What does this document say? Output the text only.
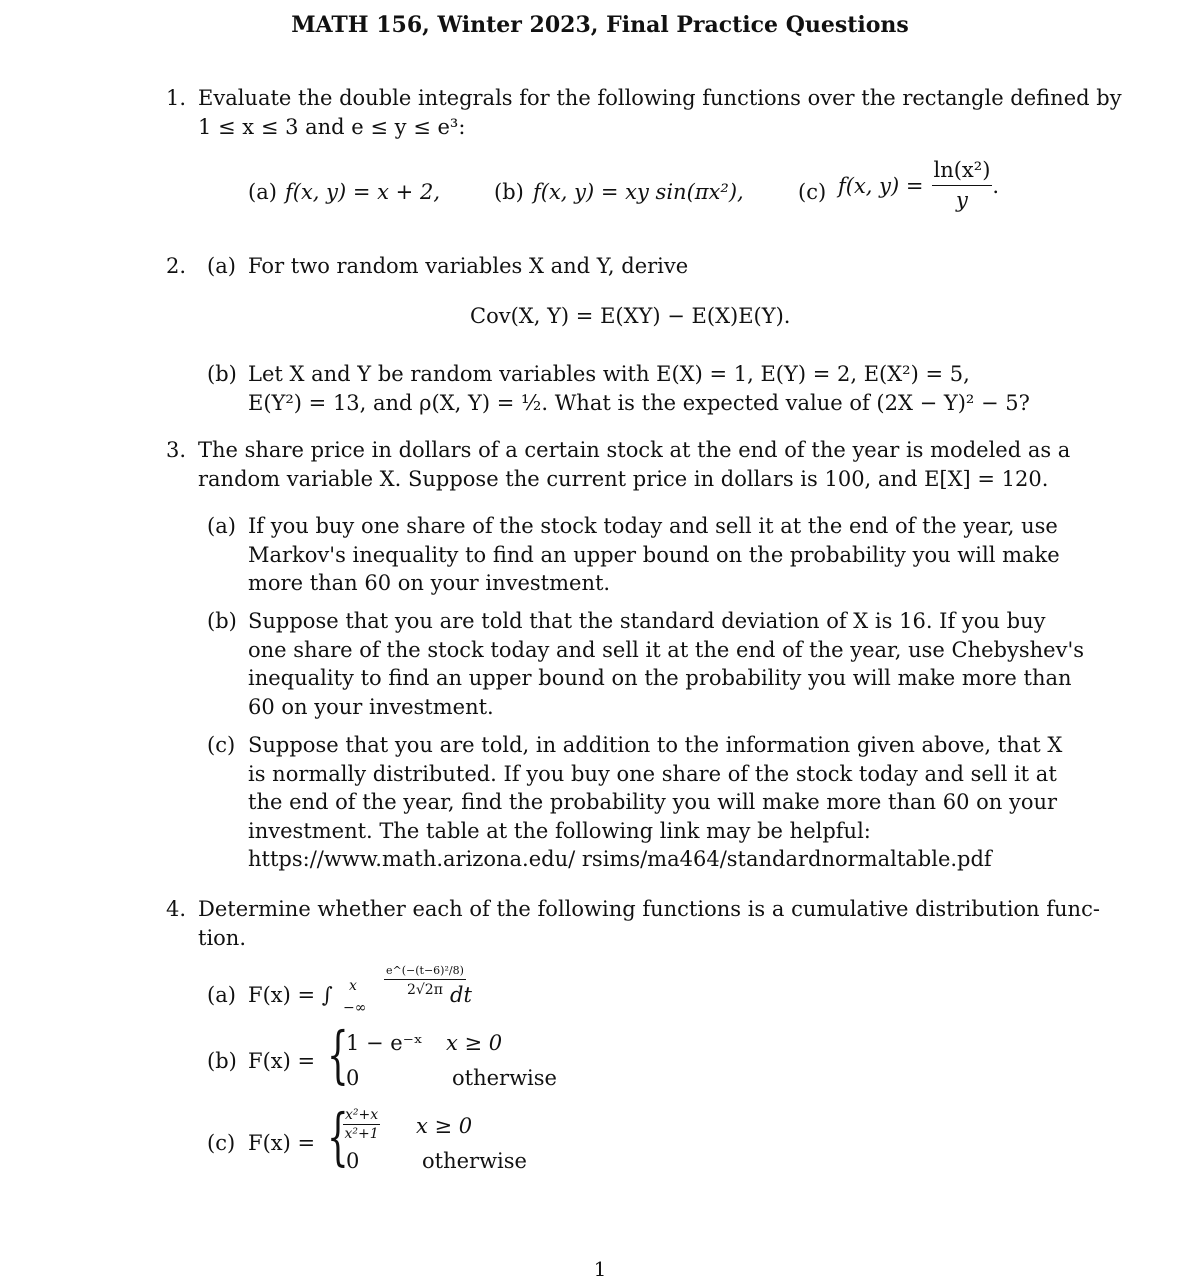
MATH 156, Winter 2023, Final Practice Questions
1. Evaluate the double integrals for the following functions over the rectangle defined by
1 ≤ x ≤ 3 and e ≤ y ≤ e³:
(a) f(x, y) = x + 2,	(b) f(x, y) = xy sin(πx²),	(c) f(x, $y) = \frac{\text{ln(x²)}}{y}$ .
2. (a) For two random variables X and Y, derive
Cov(X, Y) = E(XY) − E(X)E(Y).
(b) Let X and Y be random variables with E(X) = 1, E(Y) = 2, E(X²) = 5,
E(Y²) = 13, and ρ(X, Y) = ½. What is the expected value of (2X − Y)² − 5?
3. The share price in dollars of a certain stock at the end of the year is modeled as a
random variable X. Suppose the current price in dollars is 100, and E[X] = 120.
(a) If you buy one share of the stock today and sell it at the end of the year, use
Markov's inequality to find an upper bound on the probability you will make
more than 60 on your investment.
(b) Suppose that you are told that the standard deviation of X is 16. If you buy
one share of the stock today and sell it at the end of the year, use Chebyshev's
inequality to find an upper bound on the probability you will make more than
60 on your investment.
(c) Suppose that you are told, in addition to the information given above, that X
is normally distributed. If you buy one share of the stock today and sell it at
the end of the year, find the probability you will make more than 60 on your
investment. The table at the following link may be helpful:
https://www.math.arizona.edu/ rsims/ma464/standardnormaltable.pdf
4. Determine whether each of the following functions is a cumulative distribution func-
tion.
(a) F(x) = ∫ x
−∞
e^(−(t−6)²/8)
2√2π dt
(b) F(x) = {
1 − e⁻ˣ x ≥ 0
0	otherwise
(c) F(x) = {
$\frac{\text{x²+x}}{\text{x²+1}}$ x ≥ 0
0	otherwise
1
